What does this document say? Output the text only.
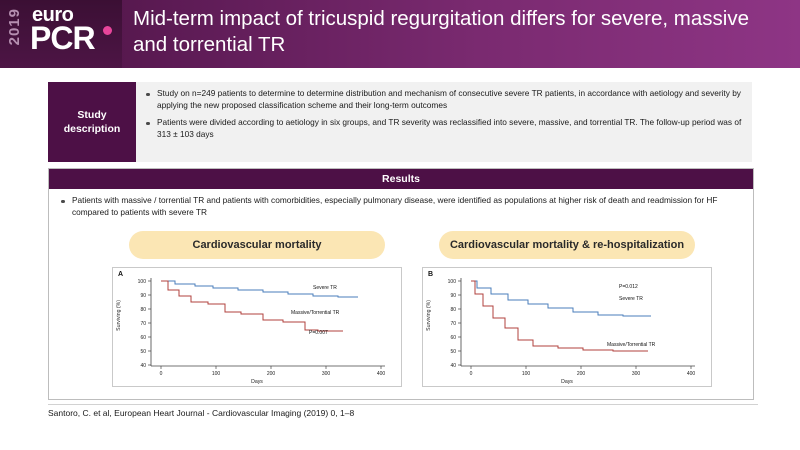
2019 euro
PCR
Mid-term impact of tricuspid regurgitation differs for severe, massive and torrential TR
Study description
Study on n=249 patients to determine to determine distribution and mechanism of consecutive severe TR patients, in accordance with aetiology and severity by applying the new proposed classification scheme and their long-term outcomes
Patients were divided according to aetiology in six groups, and TR severity was reclassified into severe, massive, and torrential TR. The follow-up period was of 313 ± 103 days
Results
Patients with massive / torrential TR and patients with comorbidities, especially pulmonary disease, were identified as populations at higher risk of death and readmission for HF compared to patients with severe TR
Cardiovascular mortality
A
Surviving (%)
Days
100
90
80
70
60
50
40
0	100	200	300	400
Severe TR
Massive/Torrential TR
P=0.007
Cardiovascular mortality & re-hospitalization
B
Surviving (%)
Days
100
90
80
70
60
50
40
0	100	200	300	400
Severe TR
Massive/Torrential TR
P=0.012
Santoro, C. et al, European Heart Journal - Cardiovascular Imaging (2019) 0, 1–8
